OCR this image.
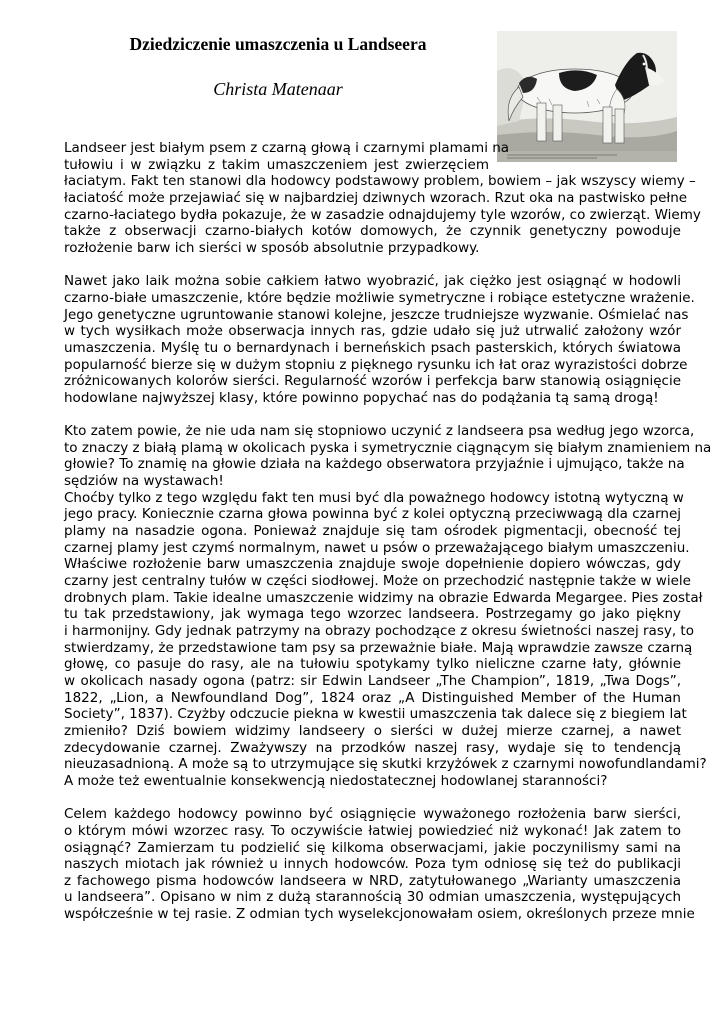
Dziedziczenie umaszczenia u Landseera
Christa Matenaar

Landseer jest białym psem z czarną głową i czarnymi plamami na
tułowiu i w związku z takim umaszczeniem jest zwierzęciem
łaciatym. Fakt ten stanowi dla hodowcy podstawowy problem, bowiem – jak wszyscy wiemy –
łaciatość może przejawiać się w najbardziej dziwnych wzorach. Rzut oka na pastwisko pełne
czarno-łaciatego bydła pokazuje, że w zasadzie odnajdujemy tyle wzorów, co zwierząt. Wiemy
także z obserwacji czarno-białych kotów domowych, że czynnik genetyczny powoduje
rozłożenie barw ich sierści w sposób absolutnie przypadkowy.

Nawet jako laik można sobie całkiem łatwo wyobrazić, jak ciężko jest osiągnąć w hodowli
czarno-białe umaszczenie, które będzie możliwie symetryczne i robiące estetyczne wrażenie.
Jego genetyczne ugruntowanie stanowi kolejne, jeszcze trudniejsze wyzwanie. Ośmielać nas
w tych wysiłkach może obserwacja innych ras, gdzie udało się już utrwalić założony wzór
umaszczenia. Myślę tu o bernardynach i berneńskich psach pasterskich, których światowa
popularność bierze się w dużym stopniu z pięknego rysunku ich łat oraz wyrazistości dobrze
zróżnicowanych kolorów sierści. Regularność wzorów i perfekcja barw stanowią osiągnięcie
hodowlane najwyższej klasy, które powinno popychać nas do podążania tą samą drogą!

Kto zatem powie, że nie uda nam się stopniowo uczynić z landseera psa według jego wzorca,
to znaczy z białą plamą w okolicach pyska i symetrycznie ciągnącym się białym znamieniem na
głowie? To znamię na głowie działa na każdego obserwatora przyjaźnie i ujmująco, także na
sędziów na wystawach!

Choćby tylko z tego względu fakt ten musi być dla poważnego hodowcy istotną wytyczną w
jego pracy. Koniecznie czarna głowa powinna być z kolei optyczną przeciwwagą dla czarnej
plamy na nasadzie ogona. Ponieważ znajduje się tam ośrodek pigmentacji, obecność tej
czarnej plamy jest czymś normalnym, nawet u psów o przeważającego białym umaszczeniu.
Właściwe rozłożenie barw umaszczenia znajduje swoje dopełnienie dopiero wówczas, gdy
czarny jest centralny tułów w części siodłowej. Może on przechodzić następnie także w wiele
drobnych plam. Takie idealne umaszczenie widzimy na obrazie Edwarda Megargee. Pies został
tu tak przedstawiony, jak wymaga tego wzorzec landseera. Postrzegamy go jako piękny
i harmonijny. Gdy jednak patrzymy na obrazy pochodzące z okresu świetności naszej rasy, to
stwierdzamy, że przedstawione tam psy sa przeważnie białe. Mają wprawdzie zawsze czarną
głowę, co pasuje do rasy, ale na tułowiu spotykamy tylko nieliczne czarne łaty, głównie
w okolicach nasady ogona (patrz: sir Edwin Landseer „The Champion”, 1819, „Twa Dogs”,
1822, „Lion, a Newfoundland Dog”, 1824 oraz „A Distinguished Member of the Human
Society”, 1837). Czyżby odczucie piekna w kwestii umaszczenia tak dalece się z biegiem lat
zmieniło? Dziś bowiem widzimy landseery o sierści w dużej mierze czarnej, a nawet
zdecydowanie czarnej. Zważywszy na przodków naszej rasy, wydaje się to tendencją
nieuzasadnioną. A może są to utrzymujące się skutki krzyżówek z czarnymi nowofundlandami?
A może też ewentualnie konsekwencją niedostatecznej hodowlanej staranności?

Celem każdego hodowcy powinno być osiągnięcie wyważonego rozłożenia barw sierści,
o którym mówi wzorzec rasy. To oczywiście łatwiej powiedzieć niż wykonać! Jak zatem to
osiągnąć? Zamierzam tu podzielić się kilkoma obserwacjami, jakie poczynilismy sami na
naszych miotach jak również u innych hodowców. Poza tym odniosę się też do publikacji
z fachowego pisma hodowców landseera w NRD, zatytułowanego „Warianty umaszczenia
u landseera”. Opisano w nim z dużą starannością 30 odmian umaszczenia, występujących
współcześnie w tej rasie. Z odmian tych wyselekcjonowałam osiem, określonych przeze mnie
